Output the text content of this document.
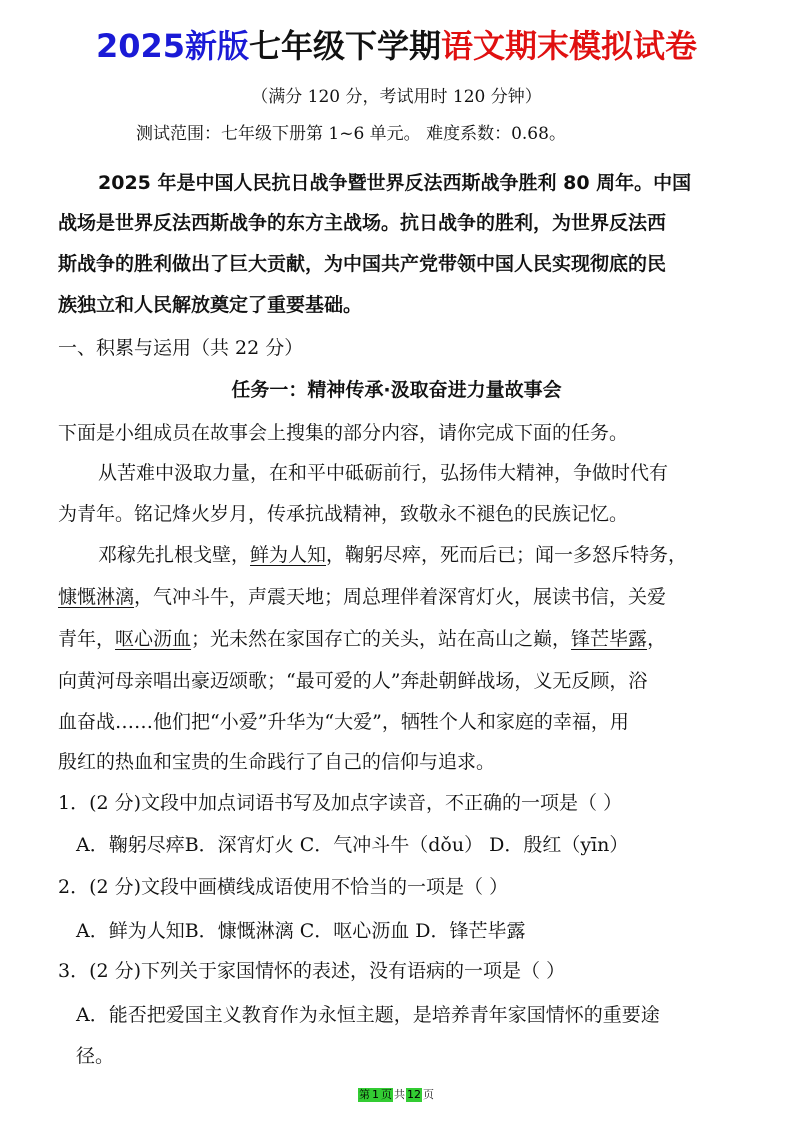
2025新版七年级下学期语文期末模拟试卷
（满分 120 分，考试用时 120 分钟）
测试范围：七年级下册第 1~6 单元。 难度系数：0.68。
2025 年是中国人民抗日战争暨世界反法西斯战争胜利 80 周年。中国
战场是世界反法西斯战争的东方主战场。抗日战争的胜利，为世界反法西
斯战争的胜利做出了巨大贡献，为中国共产党带领中国人民实现彻底的民
族独立和人民解放奠定了重要基础。
一、积累与运用（共 22 分）
任务一：精神传承·汲取奋进力量故事会
下面是小组成员在故事会上搜集的部分内容，请你完成下面的任务。
从苦难中汲取力量，在和平中砥砺前行，弘扬伟大精神，争做时代有
为青年。铭记烽火岁月，传承抗战精神，致敬永不褪色的民族记忆。
邓稼先扎根戈壁，鲜为人知，鞠躬尽瘁，死而后已；闻一多怒斥特务，
慷慨淋漓，气冲斗牛，声震天地；周总理伴着深宵灯火，展读书信，关爱
青年，呕心沥血；光未然在家国存亡的关头，站在高山之巅，锋芒毕露，
向黄河母亲唱出豪迈颂歌；“最可爱的人”奔赴朝鲜战场，义无反顾，浴
血奋战……他们把“小爱”升华为“大爱”，牺牲个人和家庭的幸福，用
殷红的热血和宝贵的生命践行了自己的信仰与追求。
1．(2 分)文段中加点词语书写及加点字读音，不正确的一项是（ ）
A．鞠躬尽瘁B．深宵灯火 C．气冲斗牛（dǒu） D．殷红（yīn）
2．(2 分)文段中画横线成语使用不恰当的一项是（ ）
A．鲜为人知B．慷慨淋漓 C．呕心沥血 D．锋芒毕露
3．(2 分)下列关于家国情怀的表述，没有语病的一项是（ ）
A．能否把爱国主义教育作为永恒主题，是培养青年家国情怀的重要途
径。
第 1 页 共 12 页
